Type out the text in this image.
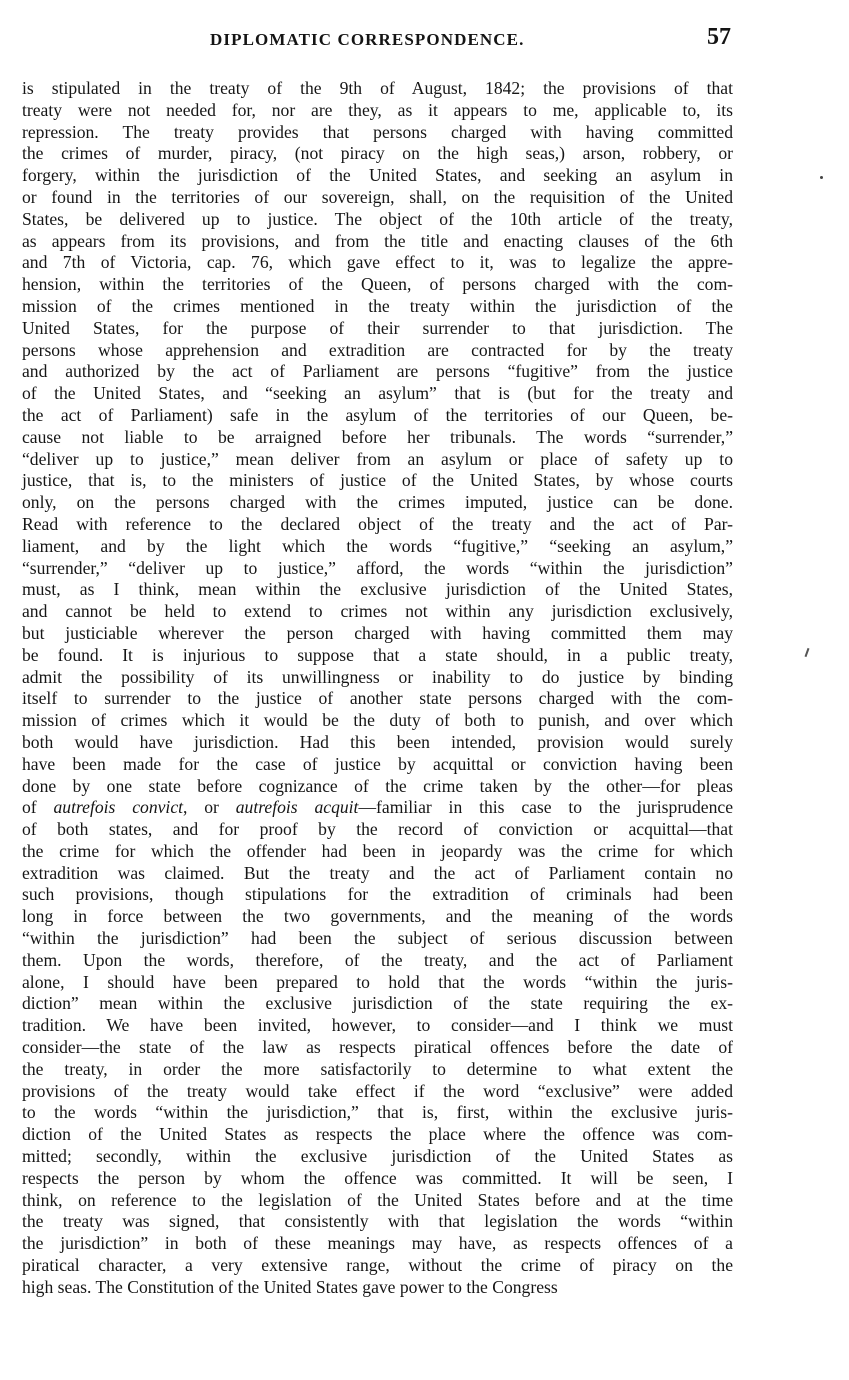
DIPLOMATIC CORRESPONDENCE.	57
is stipulated in the treaty of the 9th of August, 1842; the provisions of that
treaty were not needed for, nor are they, as it appears to me, applicable to, its
repression. The treaty provides that persons charged with having committed
the crimes of murder, piracy, (not piracy on the high seas,) arson, robbery, or
forgery, within the jurisdiction of the United States, and seeking an asylum in
or found in the territories of our sovereign, shall, on the requisition of the United
States, be delivered up to justice. The object of the 10th article of the treaty,
as appears from its provisions, and from the title and enacting clauses of the 6th
and 7th of Victoria, cap. 76, which gave effect to it, was to legalize the appre-
hension, within the territories of the Queen, of persons charged with the com-
mission of the crimes mentioned in the treaty within the jurisdiction of the
United States, for the purpose of their surrender to that jurisdiction. The
persons whose apprehension and extradition are contracted for by the treaty
and authorized by the act of Parliament are persons “fugitive” from the justice
of the United States, and “seeking an asylum” that is (but for the treaty and
the act of Parliament) safe in the asylum of the territories of our Queen, be-
cause not liable to be arraigned before her tribunals. The words “surrender,”
“deliver up to justice,” mean deliver from an asylum or place of safety up to
justice, that is, to the ministers of justice of the United States, by whose courts
only, on the persons charged with the crimes imputed, justice can be done.
Read with reference to the declared object of the treaty and the act of Par-
liament, and by the light which the words “fugitive,” “seeking an asylum,”
“surrender,” “deliver up to justice,” afford, the words “within the jurisdiction”
must, as I think, mean within the exclusive jurisdiction of the United States,
and cannot be held to extend to crimes not within any jurisdiction exclusively,
but justiciable wherever the person charged with having committed them may
be found. It is injurious to suppose that a state should, in a public treaty,
admit the possibility of its unwillingness or inability to do justice by binding
itself to surrender to the justice of another state persons charged with the com-
mission of crimes which it would be the duty of both to punish, and over which
both would have jurisdiction. Had this been intended, provision would surely
have been made for the case of justice by acquittal or conviction having been
done by one state before cognizance of the crime taken by the other—for pleas
of autrefois convict, or autrefois acquit—familiar in this case to the jurisprudence
of both states, and for proof by the record of conviction or acquittal—that
the crime for which the offender had been in jeopardy was the crime for which
extradition was claimed. But the treaty and the act of Parliament contain no
such provisions, though stipulations for the extradition of criminals had been
long in force between the two governments, and the meaning of the words
“within the jurisdiction” had been the subject of serious discussion between
them. Upon the words, therefore, of the treaty, and the act of Parliament
alone, I should have been prepared to hold that the words “within the juris-
diction” mean within the exclusive jurisdiction of the state requiring the ex-
tradition. We have been invited, however, to consider—and I think we must
consider—the state of the law as respects piratical offences before the date of
the treaty, in order the more satisfactorily to determine to what extent the
provisions of the treaty would take effect if the word “exclusive” were added
to the words “within the jurisdiction,” that is, first, within the exclusive juris-
diction of the United States as respects the place where the offence was com-
mitted; secondly, within the exclusive jurisdiction of the United States as
respects the person by whom the offence was committed. It will be seen, I
think, on reference to the legislation of the United States before and at the time
the treaty was signed, that consistently with that legislation the words “within
the jurisdiction” in both of these meanings may have, as respects offences of a
piratical character, a very extensive range, without the crime of piracy on the
high seas. The Constitution of the United States gave power to the Congress
